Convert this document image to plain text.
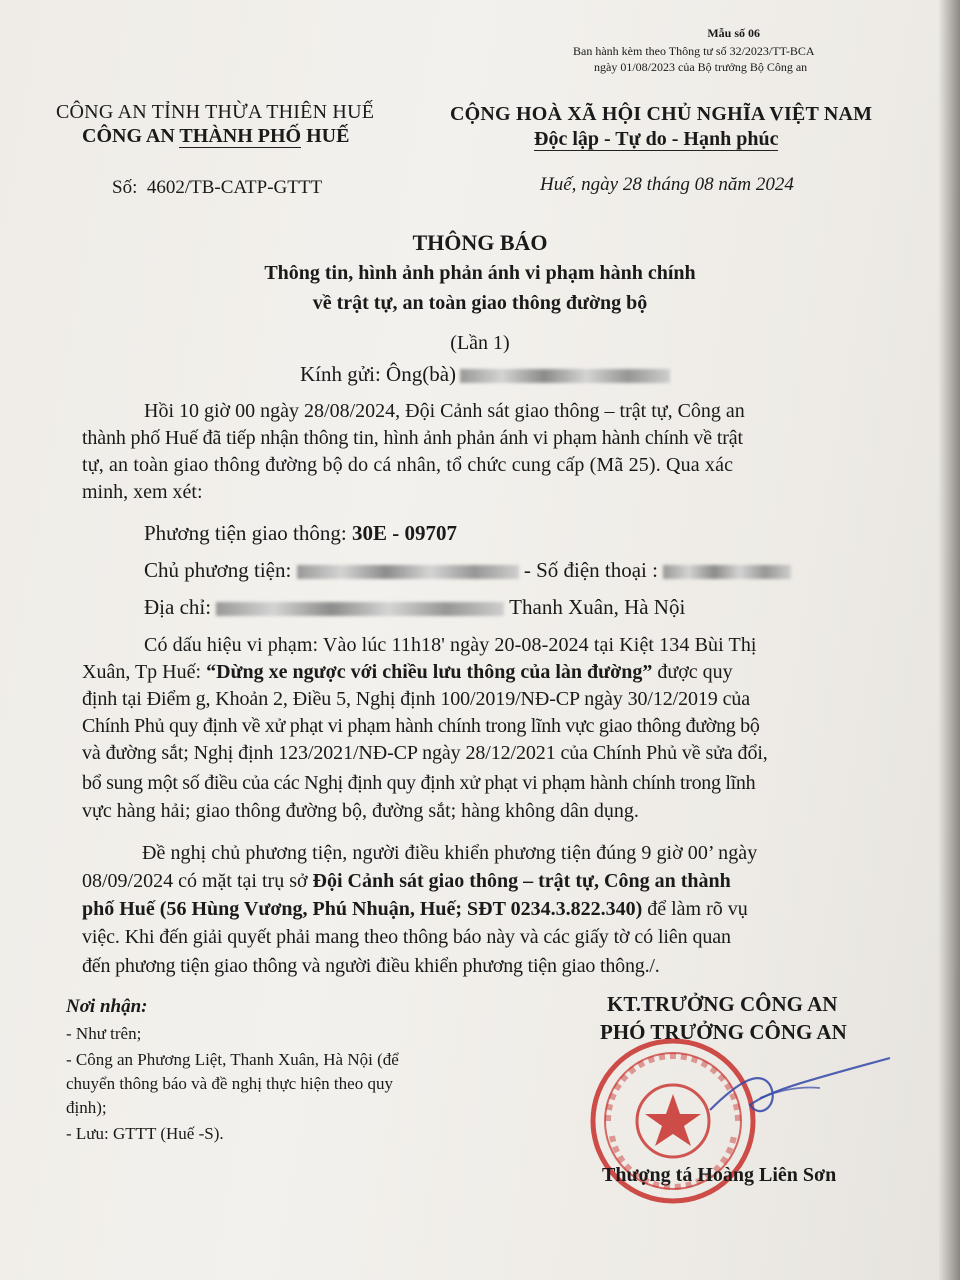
Mẫu số 06
Ban hành kèm theo Thông tư số 32/2023/TT-BCA
ngày 01/08/2023 của Bộ trưởng Bộ Công an
CÔNG AN TỈNH THỪA THIÊN HUẾ
CÔNG AN THÀNH PHỐ HUẾ
CỘNG HOÀ XÃ HỘI CHỦ NGHĨA VIỆT NAM
Độc lập - Tự do - Hạnh phúc
Số: 4602/TB-CATP-GTTT	Huế, ngày 28 tháng 08 năm 2024
THÔNG BÁO
Thông tin, hình ảnh phản ánh vi phạm hành chính
về trật tự, an toàn giao thông đường bộ
(Lần 1)
Kính gửi: Ông(bà)
Hồi 10 giờ 00 ngày 28/08/2024, Đội Cảnh sát giao thông – trật tự, Công an
thành phố Huế đã tiếp nhận thông tin, hình ảnh phản ánh vi phạm hành chính về trật
tự, an toàn giao thông đường bộ do cá nhân, tổ chức cung cấp (Mã 25). Qua xác
minh, xem xét:
Phương tiện giao thông: 30E - 09707
Chủ phương tiện:	- Số điện thoại :
Địa chỉ:	Thanh Xuân, Hà Nội
Có dấu hiệu vi phạm: Vào lúc 11h18' ngày 20-08-2024 tại Kiệt 134 Bùi Thị
Xuân, Tp Huế: “Dừng xe ngược với chiều lưu thông của làn đường” được quy
định tại Điểm g, Khoản 2, Điều 5, Nghị định 100/2019/NĐ-CP ngày 30/12/2019 của
Chính Phủ quy định về xử phạt vi phạm hành chính trong lĩnh vực giao thông đường bộ
và đường sắt; Nghị định 123/2021/NĐ-CP ngày 28/12/2021 của Chính Phủ về sửa đổi,
bổ sung một số điều của các Nghị định quy định xử phạt vi phạm hành chính trong lĩnh
vực hàng hải; giao thông đường bộ, đường sắt; hàng không dân dụng.
Đề nghị chủ phương tiện, người điều khiển phương tiện đúng 9 giờ 00’ ngày
08/09/2024 có mặt tại trụ sở Đội Cảnh sát giao thông – trật tự, Công an thành
phố Huế (56 Hùng Vương, Phú Nhuận, Huế; SĐT 0234.3.822.340) để làm rõ vụ
việc. Khi đến giải quyết phải mang theo thông báo này và các giấy tờ có liên quan
đến phương tiện giao thông và người điều khiển phương tiện giao thông./.
Nơi nhận:
- Như trên;
- Công an Phương Liệt, Thanh Xuân, Hà Nội (để
chuyển thông báo và đề nghị thực hiện theo quy
định);
- Lưu: GTTT (Huế -S).
KT.TRƯỞNG CÔNG AN
PHÓ TRƯỞNG CÔNG AN
Thượng tá Hoàng Liên Sơn
